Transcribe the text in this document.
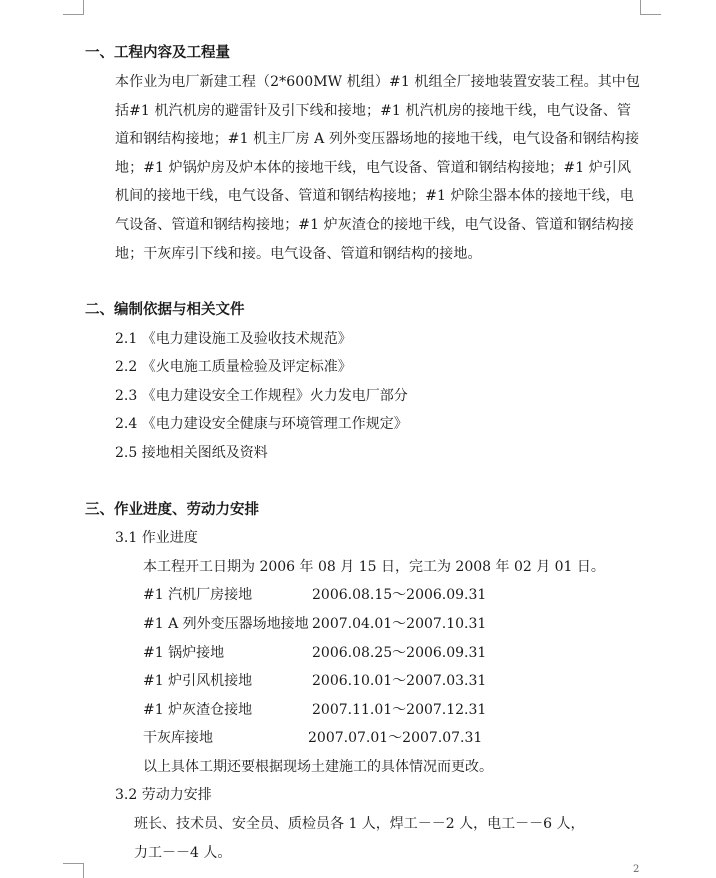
一、工程内容及工程量
本作业为电厂新建工程（2*600MW 机组）#1 机组全厂接地装置安装工程。其中包括#1 机汽机房的避雷针及引下线和接地；#1 机汽机房的接地干线，电气设备、管道和钢结构接地；#1 机主厂房 A 列外变压器场地的接地干线，电气设备和钢结构接地；#1 炉锅炉房及炉本体的接地干线，电气设备、管道和钢结构接地；#1 炉引风机间的接地干线，电气设备、管道和钢结构接地；#1 炉除尘器本体的接地干线，电气设备、管道和钢结构接地；#1 炉灰渣仓的接地干线，电气设备、管道和钢结构接地；干灰库引下线和接。电气设备、管道和钢结构的接地。
二、编制依据与相关文件
2.1 《电力建设施工及验收技术规范》
2.2 《火电施工质量检验及评定标准》
2.3 《电力建设安全工作规程》火力发电厂部分
2.4 《电力建设安全健康与环境管理工作规定》
2.5 接地相关图纸及资料
三、作业进度、劳动力安排
3.1 作业进度
本工程开工日期为 2006 年 08 月 15 日，完工为 2008 年 02 月 01 日。
#1 汽机厂房接地	2006.08.15～2006.09.31
#1 A 列外变压器场地接地 2007.04.01～2007.10.31
#1 锅炉接地	2006.08.25～2006.09.31
#1 炉引风机接地	2006.10.01～2007.03.31
#1 炉灰渣仓接地	2007.11.01～2007.12.31
干灰库接地	2007.07.01～2007.07.31
以上具体工期还要根据现场土建施工的具体情况而更改。
3.2 劳动力安排
班长、技术员、安全员、质检员各 1 人，焊工－－2 人，电工－－6 人，
力工－－4 人。
2
